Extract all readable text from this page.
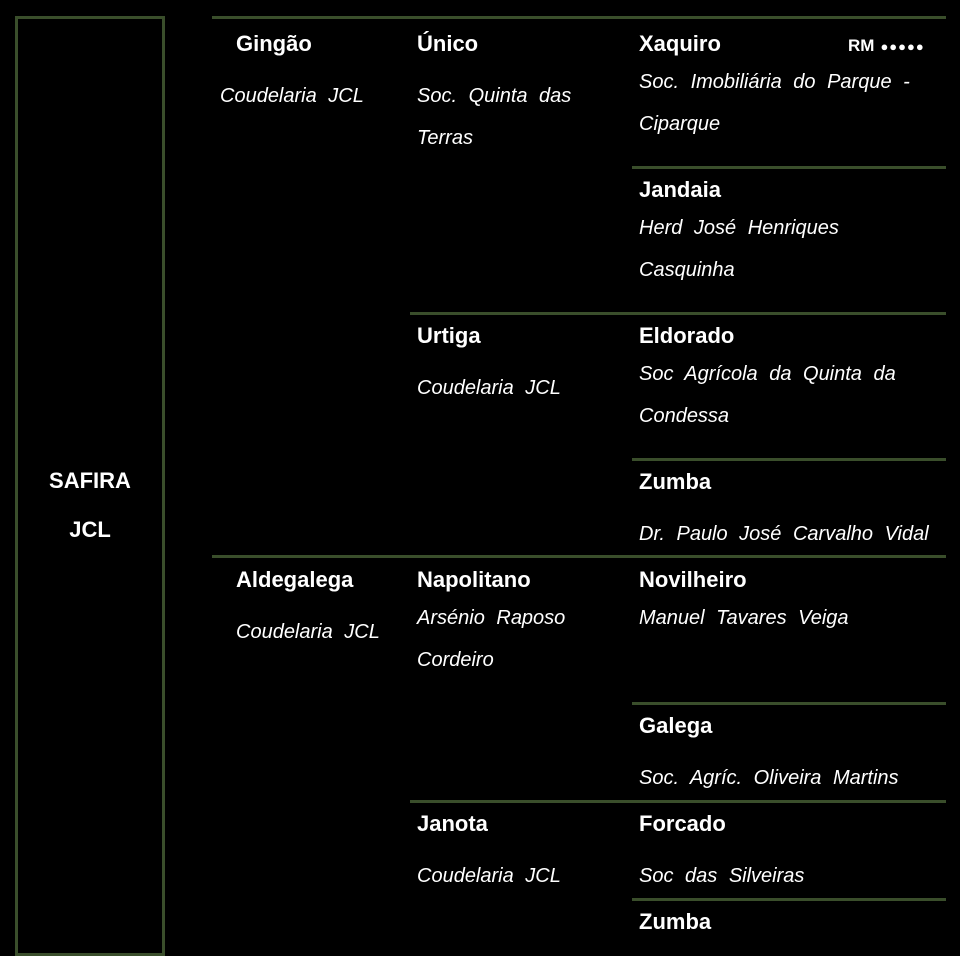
SAFIRA
JCL
Gingão
Coudelaria JCL
Aldegalega
Coudelaria JCL
Único
Soc. Quinta das Terras
Urtiga
Coudelaria JCL
Napolitano
Arsénio Raposo Cordeiro
Janota
Coudelaria JCL
Xaquiro
Soc. Imobiliária do Parque - Ciparque
RM ●●●●●
Jandaia
Herd José Henriques Casquinha
Eldorado
Soc Agrícola da Quinta da Condessa
Zumba
Dr. Paulo José Carvalho Vidal
Novilheiro
Manuel Tavares Veiga
Galega
Soc. Agríc. Oliveira Martins
Forcado
Soc das Silveiras
Zumba
